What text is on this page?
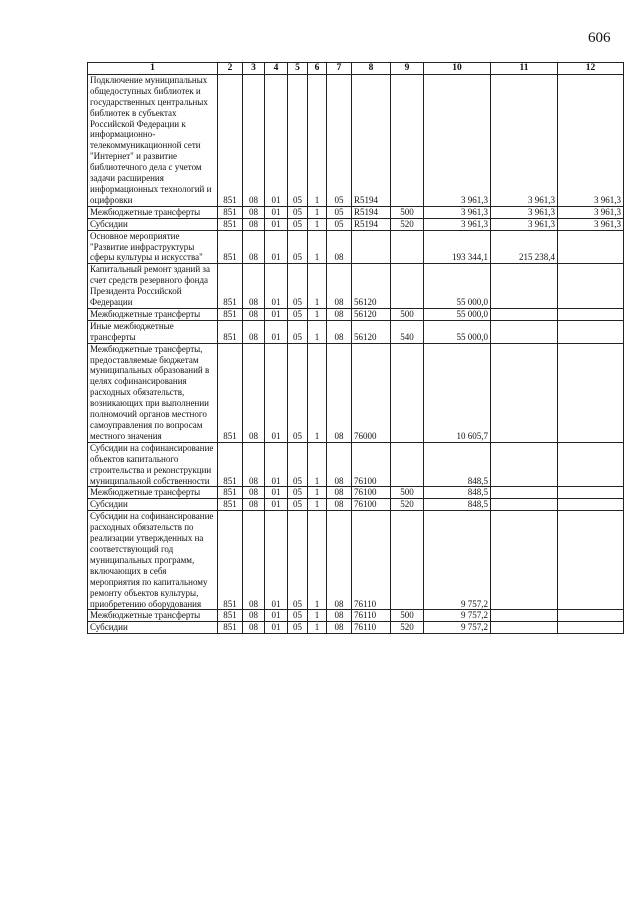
606
1	2	3	4	5	6	7	8	9	10	11	12
Подключение муниципальных общедоступных библиотек и государственных центральных библиотек в субъектах Российской Федерации к информационно-телекоммуникационной сети "Интернет" и развитие библиотечного дела с учетом задачи расширения информационных технологий и оцифровки	851	08	01	05	1	05	R5194		3 961,3	3 961,3	3 961,3
Межбюджетные трансферты	851	08	01	05	1	05	R5194	500	3 961,3	3 961,3	3 961,3
Субсидии	851	08	01	05	1	05	R5194	520	3 961,3	3 961,3	3 961,3
Основное мероприятие "Развитие инфраструктуры сферы культуры и искусства"	851	08	01	05	1	08			193 344,1	215 238,4	
Капитальный ремонт зданий за счет средств резервного фонда Президента Российской Федерации	851	08	01	05	1	08	56120		55 000,0		
Межбюджетные трансферты	851	08	01	05	1	08	56120	500	55 000,0		
Иные межбюджетные трансферты	851	08	01	05	1	08	56120	540	55 000,0		
Межбюджетные трансферты, предоставляемые бюджетам муниципальных образований в целях софинансирования расходных обязательств, возникающих при выполнении полномочий органов местного самоуправления по вопросам местного значения	851	08	01	05	1	08	76000		10 605,7		
Субсидии на софинансирование объектов капитального строительства и реконструкции муниципальной собственности	851	08	01	05	1	08	76100		848,5		
Межбюджетные трансферты	851	08	01	05	1	08	76100	500	848,5		
Субсидии	851	08	01	05	1	08	76100	520	848,5		
Субсидии на софинансирование расходных обязательств по реализации утвержденных на соответствующий год муниципальных программ, включающих в себя мероприятия по капитальному ремонту объектов культуры, приобретению оборудования	851	08	01	05	1	08	76110		9 757,2		
Межбюджетные трансферты	851	08	01	05	1	08	76110	500	9 757,2		
Субсидии	851	08	01	05	1	08	76110	520	9 757,2		
